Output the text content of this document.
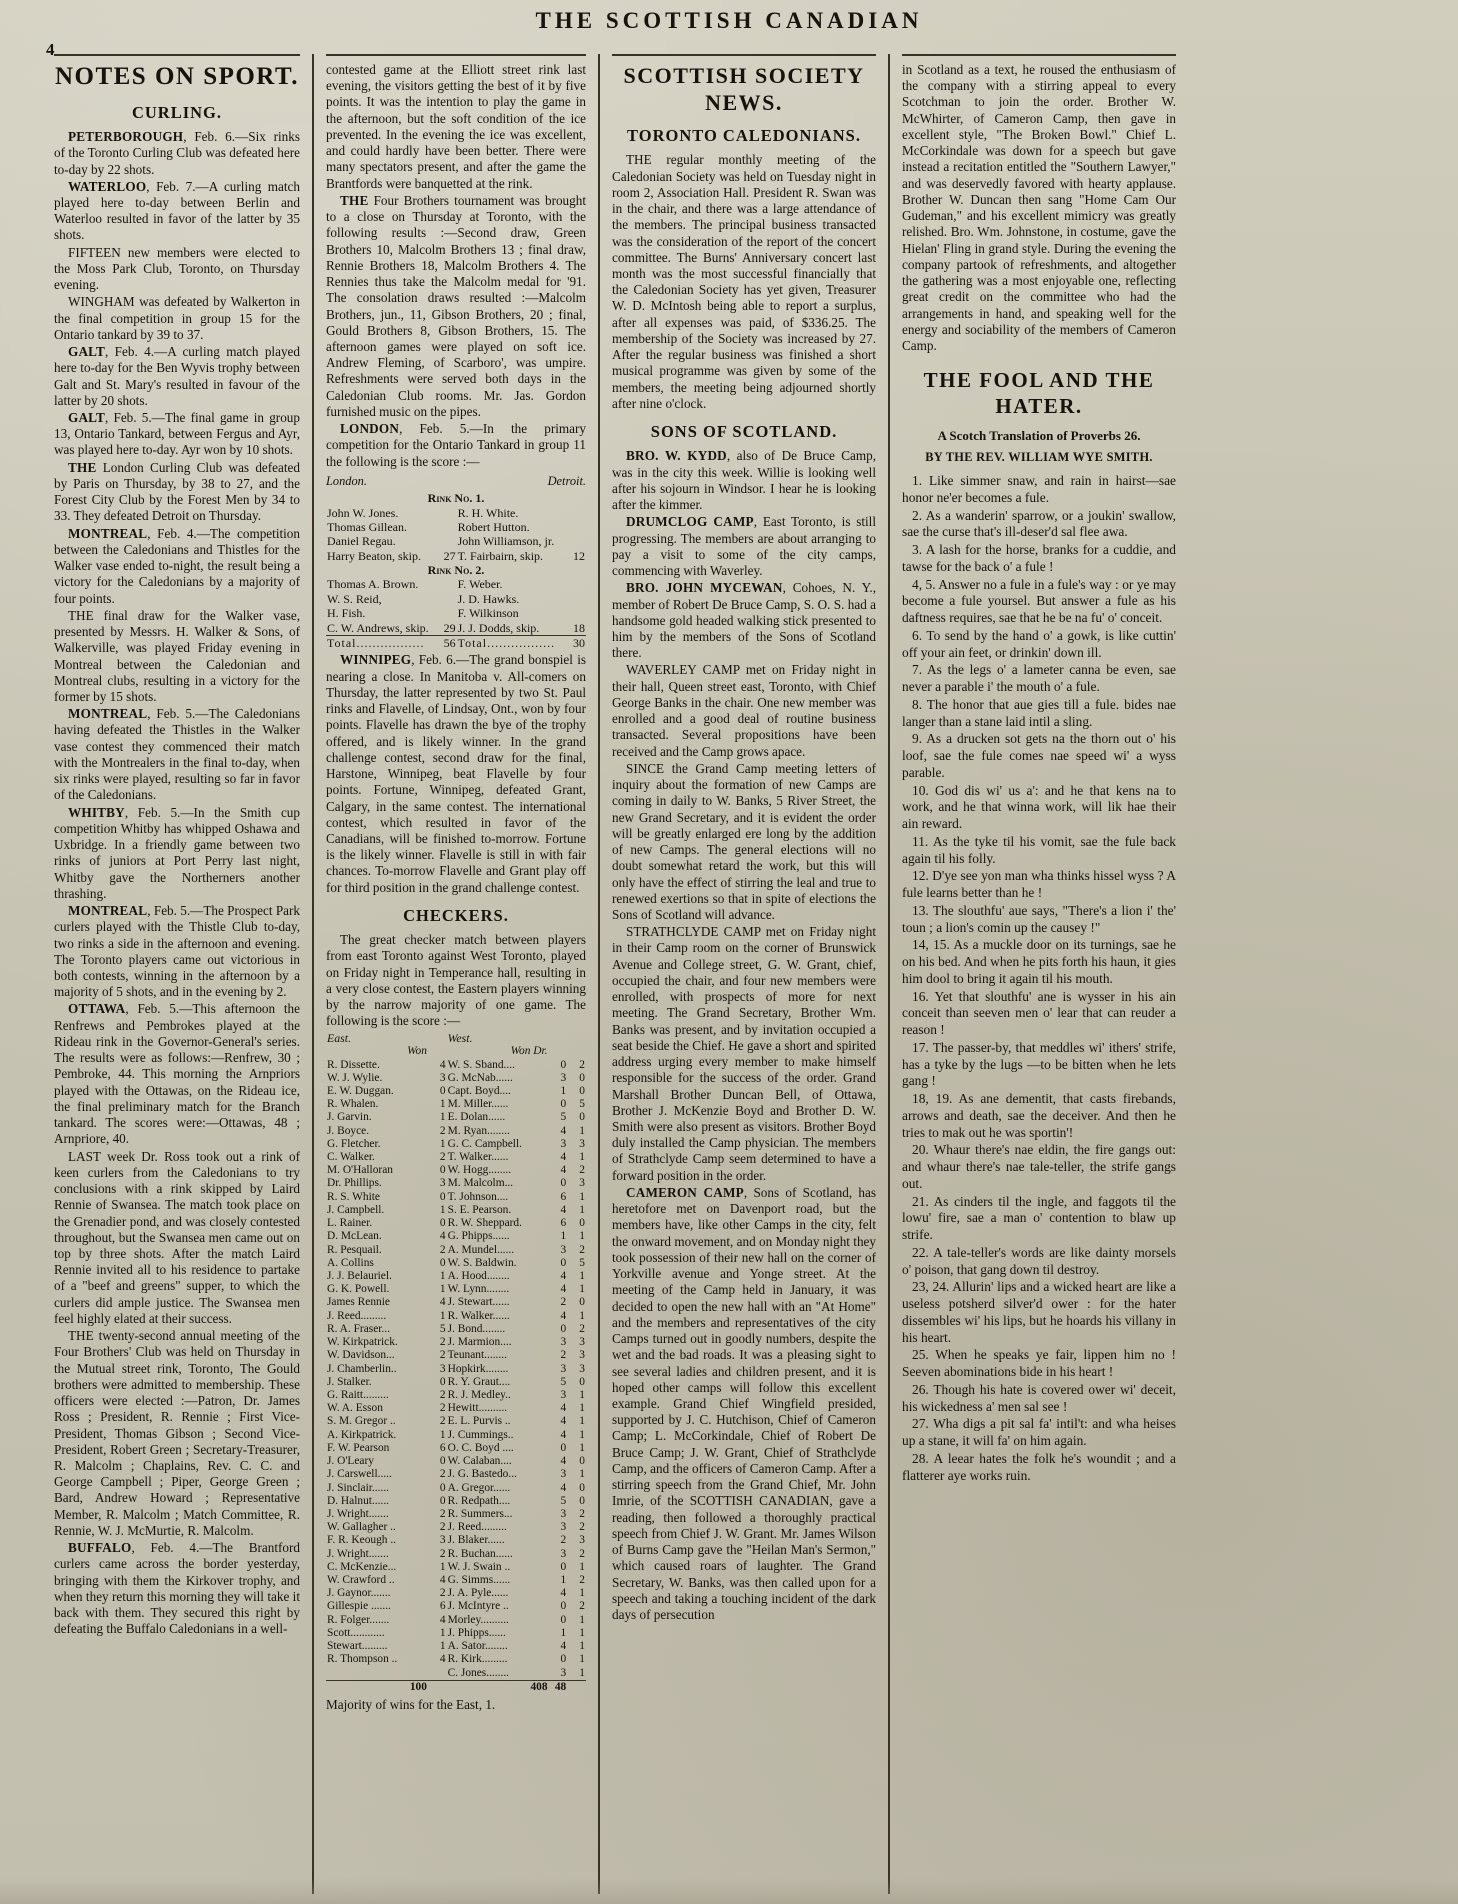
THE SCOTTISH CANADIAN
4
NOTES ON SPORT.
CURLING.

PETERBOROUGH, Feb. 6.—Six rinks of the Toronto Curling Club was defeated here to-day by 22 shots.

WATERLOO, Feb. 7.—A curling match played here to-day between Berlin and Waterloo resulted in favor of the latter by 35 shots.

FIFTEEN new members were elected to the Moss Park Club, Toronto, on Thursday evening.

WINGHAM was defeated by Walkerton in the final competition in group 15 for the Ontario tankard by 39 to 37.

GALT, Feb. 4.—A curling match played here to-day for the Ben Wyvis trophy between Galt and St. Mary's resulted in favour of the latter by 20 shots.

GALT, Feb. 5.—The final game in group 13, Ontario Tankard, between Fergus and Ayr, was played here to-day. Ayr won by 10 shots.

THE London Curling Club was defeated by Paris on Thursday, by 38 to 27, and the Forest City Club by the Forest Men by 34 to 33. They defeated Detroit on Thursday.

MONTREAL, Feb. 4.—The competition between the Caledonians and Thistles for the Walker vase ended to-night, the result being a victory for the Caledonians by a majority of four points.

THE final draw for the Walker vase, presented by Messrs. H. Walker & Sons, of Walkerville, was played Friday evening in Montreal between the Caledonian and Montreal clubs, resulting in a victory for the former by 15 shots.

MONTREAL, Feb. 5.—The Caledonians having defeated the Thistles in the Walker vase contest they commenced their match with the Montrealers in the final to-day, when six rinks were played, resulting so far in favor of the Caledonians.

WHITBY, Feb. 5.—In the Smith cup competition Whitby has whipped Oshawa and Uxbridge. In a friendly game between two rinks of juniors at Port Perry last night, Whitby gave the Northerners another thrashing.

MONTREAL, Feb. 5.—The Prospect Park curlers played with the Thistle Club to-day, two rinks a side in the afternoon and evening. The Toronto players came out victorious in both contests, winning in the afternoon by a majority of 5 shots, and in the evening by 2.

OTTAWA, Feb. 5.—This afternoon the Renfrews and Pembrokes played at the Rideau rink in the Governor-General's series. The results were as follows:—Renfrew, 30 ; Pembroke, 44. This morning the Arnpriors played with the Ottawas, on the Rideau ice, the final preliminary match for the Branch tankard. The scores were:—Ottawas, 48 ; Arnpriore, 40.

LAST week Dr. Ross took out a rink of keen curlers from the Caledonians to try conclusions with a rink skipped by Laird Rennie of Swansea. The match took place on the Grenadier pond, and was closely contested throughout, but the Swansea men came out on top by three shots. After the match Laird Rennie invited all to his residence to partake of a "beef and greens" supper, to which the curlers did ample justice. The Swansea men feel highly elated at their success.

THE twenty-second annual meeting of the Four Brothers' Club was held on Thursday in the Mutual street rink, Toronto, The Gould brothers were admitted to membership. These officers were elected :—Patron, Dr. James Ross ; President, R. Rennie ; First Vice-President, Thomas Gibson ; Second Vice-President, Robert Green ; Secretary-Treasurer, R. Malcolm ; Chaplains, Rev. C. C. and George Campbell ; Piper, George Green ; Bard, Andrew Howard ; Representative Member, R. Malcolm ; Match Committee, R. Rennie, W. J. McMurtie, R. Malcolm.

BUFFALO, Feb. 4.—The Brantford curlers came across the border yesterday, bringing with them the Kirkover trophy, and when they return this morning they will take it back with them. They secured this right by defeating the Buffalo Caledonians in a well-

contested game at the Elliott street rink last evening, the visitors getting the best of it by five points. It was the intention to play the game in the afternoon, but the soft condition of the ice prevented. In the evening the ice was excellent, and could hardly have been better. There were many spectators present, and after the game the Brantfords were banquetted at the rink.

THE Four Brothers tournament was brought to a close on Thursday at Toronto, with the following results :—Second draw, Green Brothers 10, Malcolm Brothers 13 ; final draw, Rennie Brothers 18, Malcolm Brothers 4. The Rennies thus take the Malcolm medal for '91. The consolation draws resulted :—Malcolm Brothers, jun., 11, Gibson Brothers, 20 ; final, Gould Brothers 8, Gibson Brothers, 15. The afternoon games were played on soft ice. Andrew Fleming, of Scarboro', was umpire. Refreshments were served both days in the Caledonian Club rooms. Mr. Jas. Gordon furnished music on the pipes.

LONDON, Feb. 5.—In the primary competition for the Ontario Tankard in group 11 the following is the score :—

London.	Detroit.
Rink No. 1.			
John W. Jones.		R. H. White.	
Thomas Gillean.		Robert Hutton.	
Daniel Regau.		John Williamson, jr.	
Harry Beaton, skip.	27	T. Fairbairn, skip.	12
Rink No. 2.			
Thomas A. Brown.		F. Weber.	
W. S. Reid,		J. D. Hawks.	
H. Fish.		F. Wilkinson	
C. W. Andrews, skip.	29	J. J. Dodds, skip.	18
Total.................	56	Total.................	30

WINNIPEG, Feb. 6.—The grand bonspiel is nearing a close. In Manitoba v. All-comers on Thursday, the latter represented by two St. Paul rinks and Flavelle, of Lindsay, Ont., won by four points. Flavelle has drawn the bye of the trophy offered, and is likely winner. In the grand challenge contest, second draw for the final, Harstone, Winnipeg, beat Flavelle by four points. Fortune, Winnipeg, defeated Grant, Calgary, in the same contest. The international contest, which resulted in favor of the Canadians, will be finished to-morrow. Fortune is the likely winner. Flavelle is still in with fair chances. To-morrow Flavelle and Grant play off for third position in the grand challenge contest.

CHECKERS.

The great checker match between players from east Toronto against West Toronto, played on Friday night in Temperance hall, resulting in a very close contest, the Eastern players winning by the narrow majority of one game. The following is the score :—

East.		West.		
Won		Won Dr.		
R. Dissette.	4	W. S. Sband....	0	2
W. J. Wylie.	3	G. McNab......	3	0
E. W. Duggan.	0	Capt. Boyd....	1	0
R. Whalen.	1	M. Miller......	0	5
J. Garvin.	1	E. Dolan......	5	0
J. Boyce.	2	M. Ryan........	4	1
G. Fletcher.	1	G. C. Campbell.	3	3
C. Walker.	2	T. Walker......	4	1
M. O'Halloran	0	W. Hogg........	4	2
Dr. Phillips.	3	M. Malcolm...	0	3
R. S. White	0	T. Johnson....	6	1
J. Campbell.	1	S. E. Pearson.	4	1
L. Rainer.	0	R. W. Sheppard.	6	0
D. McLean.	4	G. Phipps......	1	1
R. Pesquail.	2	A. Mundel......	3	2
A. Collins	0	W. S. Baldwin.	0	5
J. J. Belauriel.	1	A. Hood........	4	1
G. K. Powell.	1	W. Lynn........	4	1
James Rennie	4	J. Stewart......	2	0
J. Reed.........	1	R. Walker......	4	1
R. A. Fraser...	5	J. Bond........	0	2
W. Kirkpatrick.	2	J. Marmion....	3	3
W. Davidson...	2	Teunant........	2	3
J. Chamberlin..	3	Hopkirk........	3	3
J. Stalker.	0	R. Y. Graut....	5	0
G. Raitt.........	2	R. J. Medley..	3	1
W. A. Esson	2	Hewitt..........	4	1
S. M. Gregor ..	2	E. L. Purvis ..	4	1
A. Kirkpatrick.	1	J. Cummings..	4	1
F. W. Pearson	6	O. C. Boyd ....	0	1
J. O'Leary	0	W. Calaban....	4	0
J. Carswell.....	2	J. G. Bastedo...	3	1
J. Sinclair......	0	A. Gregor......	4	0
D. Halnut......	0	R. Redpath....	5	0
J. Wright.......	2	R. Summers...	3	2
W. Gallagher ..	2	J. Reed.........	3	2
F. R. Keough ..	3	J. Blaker......	2	3
J. Wright.......	2	R. Buchan......	3	2
C. McKenzie...	1	W. J. Swain ..	0	1
W. Crawford ..	4	G. Simms......	1	2
J. Gaynor.......	2	J. A. Pyle......	4	1
Gillespie .......	6	J. McIntyre ..	0	2
R. Folger.......	4	Morley..........	0	1
Scott............	1	J. Phipps......	1	1
Stewart.........	1	A. Sator........	4	1
R. Thompson ..	4	R. Kirk.........	0	1
		C. Jones........	3	1
100		408	48	

Majority of wins for the East, 1.

SCOTTISH SOCIETY NEWS.
TORONTO CALEDONIANS.

THE regular monthly meeting of the Caledonian Society was held on Tuesday night in room 2, Association Hall. President R. Swan was in the chair, and there was a large attendance of the members. The principal business transacted was the consideration of the report of the concert committee. The Burns' Anniversary concert last month was the most successful financially that the Caledonian Society has yet given, Treasurer W. D. McIntosh being able to report a surplus, after all expenses was paid, of $336.25. The membership of the Society was increased by 27. After the regular business was finished a short musical programme was given by some of the members, the meeting being adjourned shortly after nine o'clock.

SONS OF SCOTLAND.

BRO. W. KYDD, also of De Bruce Camp, was in the city this week. Willie is looking well after his sojourn in Windsor. I hear he is looking after the kimmer.

DRUMCLOG CAMP, East Toronto, is still progressing. The members are about arranging to pay a visit to some of the city camps, commencing with Waverley.

BRO. JOHN MYCEWAN, Cohoes, N. Y., member of Robert De Bruce Camp, S. O. S. had a handsome gold headed walking stick presented to him by the members of the Sons of Scotland there.

WAVERLEY CAMP met on Friday night in their hall, Queen street east, Toronto, with Chief George Banks in the chair. One new member was enrolled and a good deal of routine business transacted. Several propositions have been received and the Camp grows apace.

SINCE the Grand Camp meeting letters of inquiry about the formation of new Camps are coming in daily to W. Banks, 5 River Street, the new Grand Secretary, and it is evident the order will be greatly enlarged ere long by the addition of new Camps. The general elections will no doubt somewhat retard the work, but this will only have the effect of stirring the leal and true to renewed exertions so that in spite of elections the Sons of Scotland will advance.

STRATHCLYDE CAMP met on Friday night in their Camp room on the corner of Brunswick Avenue and College street, G. W. Grant, chief, occupied the chair, and four new members were enrolled, with prospects of more for next meeting. The Grand Secretary, Brother Wm. Banks was present, and by invitation occupied a seat beside the Chief. He gave a short and spirited address urging every member to make himself responsible for the success of the order. Grand Marshall Brother Duncan Bell, of Ottawa, Brother J. McKenzie Boyd and Brother D. W. Smith were also present as visitors. Brother Boyd duly installed the Camp physician. The members of Strathclyde Camp seem determined to have a forward position in the order.

CAMERON CAMP, Sons of Scotland, has heretofore met on Davenport road, but the members have, like other Camps in the city, felt the onward movement, and on Monday night they took possession of their new hall on the corner of Yorkville avenue and Yonge street. At the meeting of the Camp held in January, it was decided to open the new hall with an "At Home" and the members and representatives of the city Camps turned out in goodly numbers, despite the wet and the bad roads. It was a pleasing sight to see several ladies and children present, and it is hoped other camps will follow this excellent example. Grand Chief Wingfield presided, supported by J. C. Hutchison, Chief of Cameron Camp; L. McCorkindale, Chief of Robert De Bruce Camp; J. W. Grant, Chief of Strathclyde Camp, and the officers of Cameron Camp. After a stirring speech from the Grand Chief, Mr. John Imrie, of the SCOTTISH CANADIAN, gave a reading, then followed a thoroughly practical speech from Chief J. W. Grant. Mr. James Wilson of Burns Camp gave the "Heilan Man's Sermon," which caused roars of laughter. The Grand Secretary, W. Banks, was then called upon for a speech and taking a touching incident of the dark days of persecution

in Scotland as a text, he roused the enthusiasm of the company with a stirring appeal to every Scotchman to join the order. Brother W. McWhirter, of Cameron Camp, then gave in excellent style, "The Broken Bowl." Chief L. McCorkindale was down for a speech but gave instead a recitation entitled the "Southern Lawyer," and was deservedly favored with hearty applause. Brother W. Duncan then sang "Home Cam Our Gudeman," and his excellent mimicry was greatly relished. Bro. Wm. Johnstone, in costume, gave the Hielan' Fling in grand style. During the evening the company partook of refreshments, and altogether the gathering was a most enjoyable one, reflecting great credit on the committee who had the arrangements in hand, and speaking well for the energy and sociability of the members of Cameron Camp.

THE FOOL AND THE HATER.

A Scotch Translation of Proverbs 26.

BY THE REV. WILLIAM WYE SMITH.

1. Like simmer snaw, and rain in hairst—sae honor ne'er becomes a fule.

2. As a wanderin' sparrow, or a joukin' swallow, sae the curse that's ill-deser'd sal flee awa.

3. A lash for the horse, branks for a cuddie, and tawse for the back o' a fule !

4, 5. Answer no a fule in a fule's way : or ye may become a fule yoursel. But answer a fule as his daftness requires, sae that he be na fu' o' conceit.

6. To send by the hand o' a gowk, is like cuttin' off your ain feet, or drinkin' down ill.

7. As the legs o' a lameter canna be even, sae never a parable i' the mouth o' a fule.

8. The honor that aue gies till a fule. bides nae langer than a stane laid intil a sling.

9. As a drucken sot gets na the thorn out o' his loof, sae the fule comes nae speed wi' a wyss parable.

10. God dis wi' us a': and he that kens na to work, and he that winna work, will lik hae their ain reward.

11. As the tyke til his vomit, sae the fule back again til his folly.

12. D'ye see yon man wha thinks hissel wyss ? A fule learns better than he !

13. The slouthfu' aue says, "There's a lion i' the' toun ; a lion's comin up the causey !"

14, 15. As a muckle door on its turnings, sae he on his bed. And when he pits forth his haun, it gies him dool to bring it again til his mouth.

16. Yet that slouthfu' ane is wysser in his ain conceit than seeven men o' lear that can reuder a reason !

17. The passer-by, that meddles wi' ithers' strife, has a tyke by the lugs —to be bitten when he lets gang !

18, 19. As ane dementit, that casts firebands, arrows and death, sae the deceiver. And then he tries to mak out he was sportin'!

20. Whaur there's nae eldin, the fire gangs out: and whaur there's nae tale-teller, the strife gangs out.

21. As cinders til the ingle, and faggots til the lowu' fire, sae a man o' contention to blaw up strife.

22. A tale-teller's words are like dainty morsels o' poison, that gang down til destroy.

23, 24. Allurin' lips and a wicked heart are like a useless potsherd silver'd ower : for the hater dissembles wi' his lips, but he hoards his villany in his heart.

25. When he speaks ye fair, lippen him no ! Seeven abominations bide in his heart !

26. Though his hate is covered ower wi' deceit, his wickedness a' men sal see !

27. Wha digs a pit sal fa' intil't: and wha heises up a stane, it will fa' on him again.

28. A leear hates the folk he's woundit ; and a flatterer aye works ruin.
